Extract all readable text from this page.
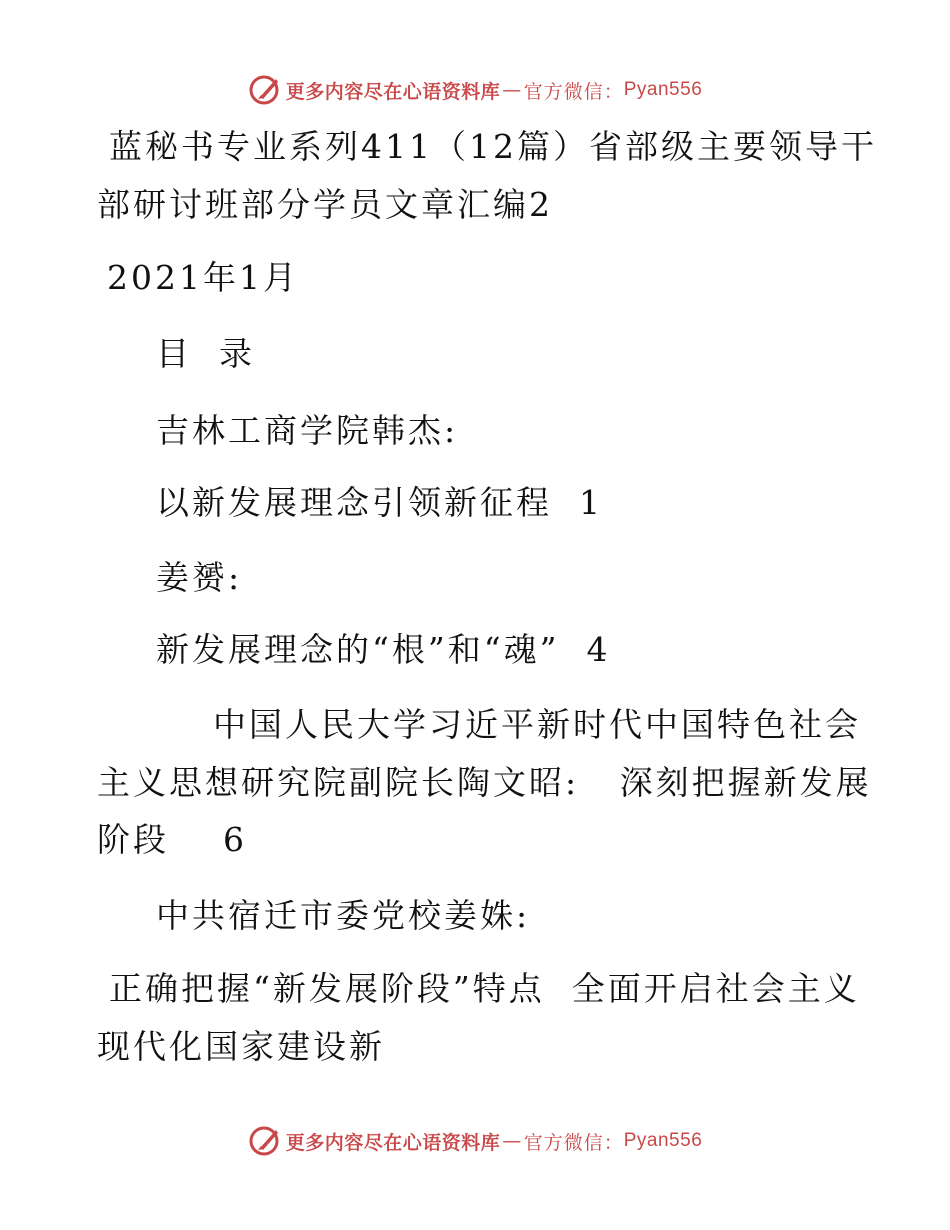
更多内容尽在心语资料库 — 官方微信： Pyan556
蓝秘书专业系列411（12篇）省部级主要领导干
部研讨班部分学员文章汇编2
2021年1月
目  录
吉林工商学院韩杰:
以新发展理念引领新征程  1
姜赟:
新发展理念的“根”和“魂”  4
中国人民大学习近平新时代中国特色社会
主义思想研究院副院长陶文昭:   深刻把握新发展
阶段    6
中共宿迁市委党校姜姝:
正确把握“新发展阶段”特点  全面开启社会主义
现代化国家建设新
更多内容尽在心语资料库 — 官方微信： Pyan556
